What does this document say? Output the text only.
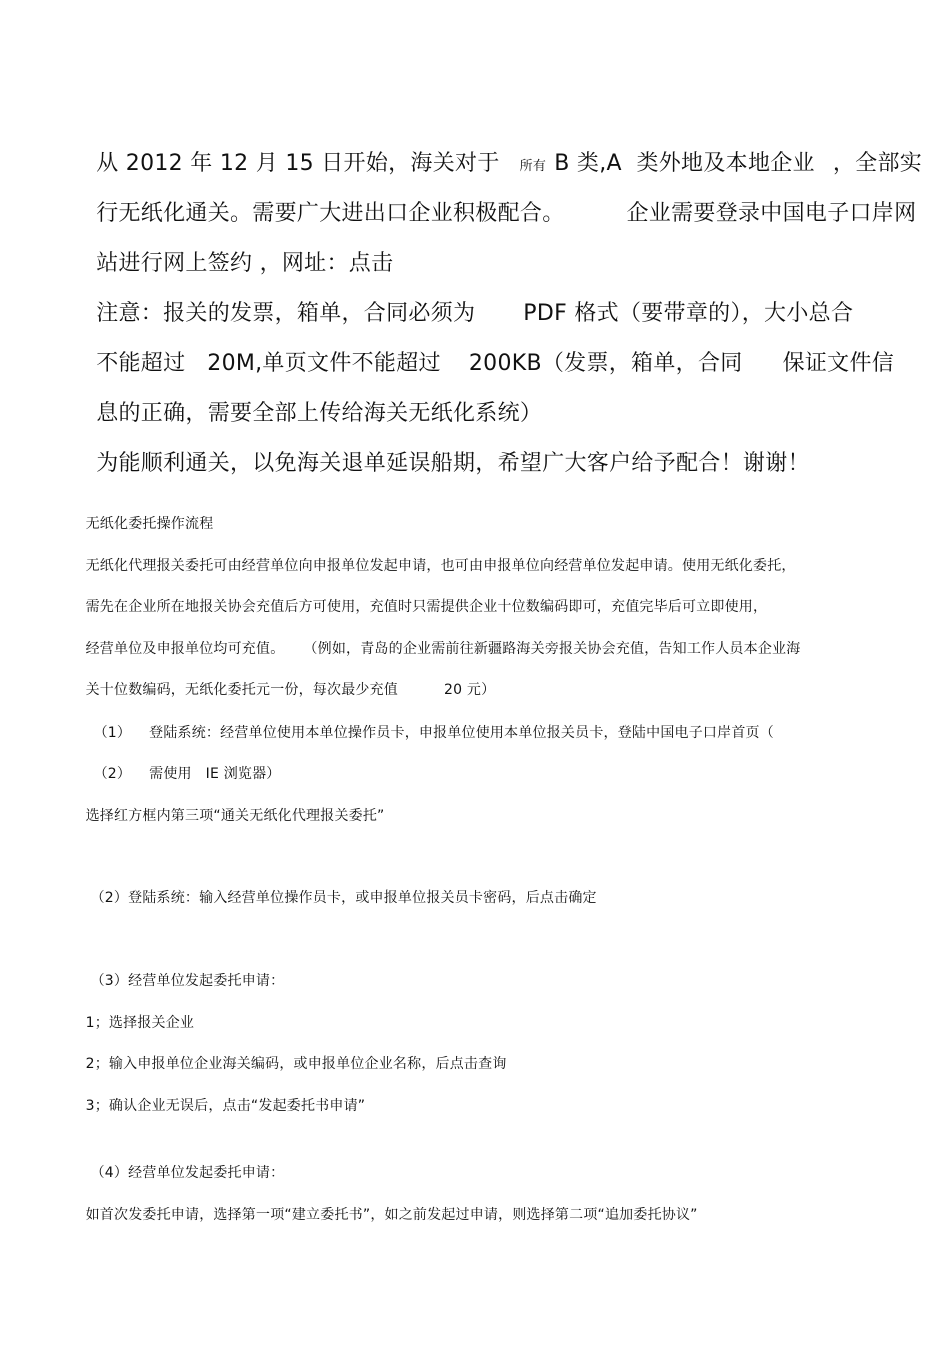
从 2012 年 12 月 15 日开始，海关对于 所有 B 类,A  类外地及本地企业 ，全部实

行无纸化通关。需要广大进出口企业积极配合。	企业需要登录中国电子口岸网

站进行网上签约 ，网址：点击

注意：报关的发票，箱单，合同必须为 PDF 格式（要带章的），大小总合

不能超过   20M,单页文件不能超过 200KB（发票，箱单，合同 保证文件信

息的正确，需要全部上传给海关无纸化系统）

为能顺利通关，以免海关退单延误船期，希望广大客户给予配合！谢谢！

无纸化委托操作流程

无纸化代理报关委托可由经营单位向申报单位发起申请，也可由申报单位向经营单位发起申请。使用无纸化委托，

需先在企业所在地报关协会充值后方可使用，充值时只需提供企业十位数编码即可，充值完毕后可立即使用，

经营单位及申报单位均可充值。 （例如，青岛的企业需前往新疆路海关旁报关协会充值，告知工作人员本企业海

关十位数编码，无纸化委托元一份，每次最少充值	20 元）

（1） 登陆系统：经营单位使用本单位操作员卡，申报单位使用本单位报关员卡，登陆中国电子口岸首页（

（2） 需使用   IE 浏览器）

选择红方框内第三项“通关无纸化代理报关委托”

（2）登陆系统：输入经营单位操作员卡，或申报单位报关员卡密码，后点击确定

（3）经营单位发起委托申请：

1；选择报关企业

2；输入申报单位企业海关编码，或申报单位企业名称，后点击查询

3；确认企业无误后，点击“发起委托书申请”

（4）经营单位发起委托申请：

如首次发委托申请，选择第一项“建立委托书”，如之前发起过申请，则选择第二项“追加委托协议”
